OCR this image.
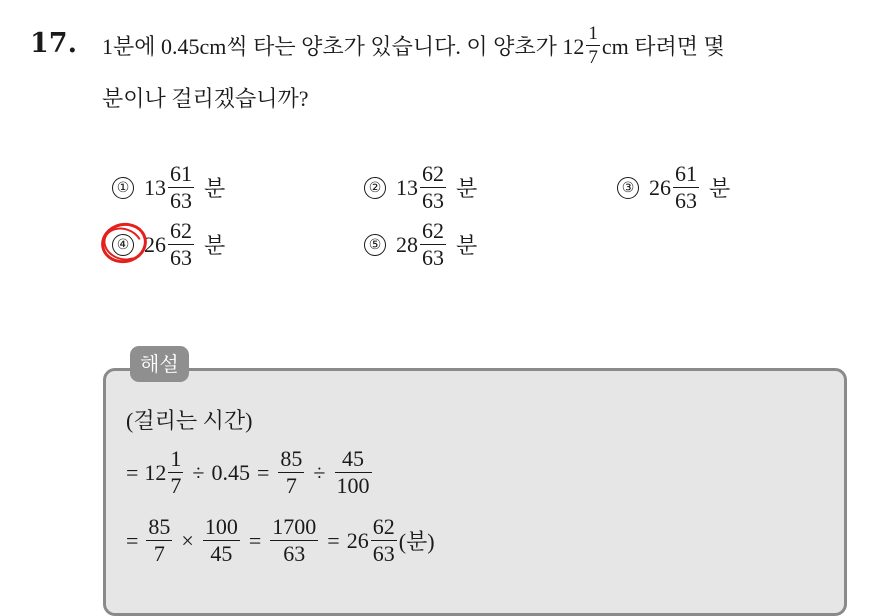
17. 1분에 0.45cm씩 타는 양초가 있습니다. 이 양초가 $12 \frac{1}{7}$ cm 타려면 몇
분이나 걸리겠습니까?
① $13 \frac{61}{63}$ 분	② $13 \frac{62}{63}$ 분	③ $26 \frac{61}{63}$ 분
④ $26 \frac{62}{63}$ 분	⑤ $28 \frac{62}{63}$ 분
해설
(걸리는 시간)
= $12 \frac{1}{7} \div 0.45 = \frac{85}{7} \div \frac{45}{100}$
= $\frac{85}{7} \times \frac{100}{45} = \frac{1700}{63} = 26 \frac{62}{63}$ (분)
